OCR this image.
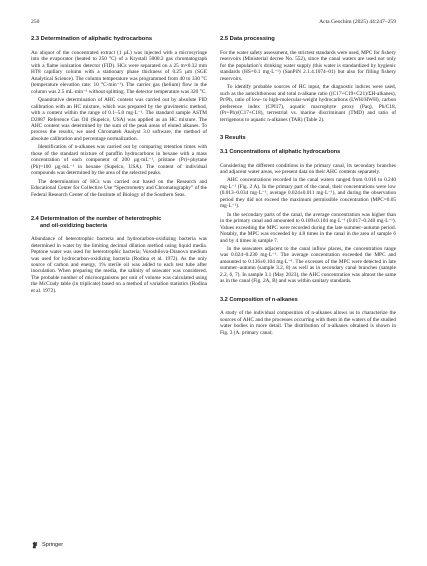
250	Acta Geochim (2025) 44:247–259
2.3 Determination of aliphatic hydrocarbons

An aliquot of the concentrated extract (1 µL) was injected with a microsyringe into the evaporator (heated to 250 °C) of a Krystall 5000.2 gas chromatograph with a flame ionization detector (FID). HCs were separated on a 25 m×0.32 mm HT8 capillary column with a stationary phase thickness of 0.25 µm (SGE Analytical Science). The column temperature was programmed from 40 to 330 °C (temperature elevation rate: 10 °C·min⁻¹). The carrier gas (helium) flow in the column was 2.5 mL·min⁻¹ without splitting. The detector temperature was 320 °C.

Quantitative determination of AHC content was carried out by absolute FID calibration with an HC mixture, which was prepared by the gravimetric method, with a content within the range of 0.1–5.0 mg·L⁻¹. The standard sample ASTM D2887 Reference Gas Oil (Supelco, USA) was applied as an HC mixture. The AHC content was determined by the sum of the peak areas of eluted alkanes. To process the results, we used Chromatek Analyst 3.0 software, the method of absolute calibration and percentage normalization.

Identification of n-alkanes was carried out by comparing retention times with those of the standard mixture of paraffin hydrocarbons in hexane with a mass concentration of each component of 200 µg·mL⁻¹, pristane (Pr)+phytane (Ph)=100 µg·mL⁻¹ in hexane (Supelco, USA). The content of individual compounds was determined by the area of the selected peaks.

The determination of HCs was carried out based on the Research and Educational Center for Collective Use “Spectrometry and Chromatography” of the Federal Research Center of the Institute of Biology of the Southern Seas.

2.4 Determination of the number of heterotrophic
and oil‑oxidizing bacteria

Abundance of heterotrophic bacteria and hydrocarbon-oxidizing bacteria was determined in water by the limiting decimal dilution method using liquid media. Peptone water was used for heterotrophic bacteria; Voroshilova-Dianova medium was used for hydrocarbon-oxidizing bacteria (Rodina et al. 1972). As the only source of carbon and energy, 1% sterile oil was added to each test tube after inoculation. When preparing the media, the salinity of seawater was considered. The probable number of microorganisms per unit of volume was calculated using the McCrady table (in triplicate) based on a method of variation statistics (Rodina et al. 1972).

2.5 Data processing

For the water safety assessment, the strictest standards were used, MPC for fishery reservoirs (Ministerial decree No. 552), since the canal waters are used not only for the population’s drinking water supply (this water is standardized by hygienic standards (HS=0.1 mg·L⁻¹) (SanPiN 2.1.4.1074–01) but also for filling fishery reservoirs.

To identify probable sources of HC input, the diagnostic indices were used, such as the autochthonous and total n-alkane ratio ((C17+C19+C21)/ΣH-alkanes), Pr/Ph, ratio of low- to high-molecular-weight hydrocarbons (LWH/HWH), carbon preference index (CPI17), aquatic macrophyte proxy (Paq), Ph/C18, (Pr+Ph)/(C17+C18), terrestrial vs. marine discriminant (TMD) and ratio of terrigenous to aquatic n-alkanes (TAR) (Table 2).

3 Results
3.1 Concentrations of aliphatic hydrocarbons

Considering the different conditions in the primary canal, its secondary branches and adjacent water areas, we present data on their AHC contents separately.

AHC concentrations recorded in the canal waters ranged from 0.016 to 0.240 mg·L⁻¹ (Fig. 2 A). In the primary part of the canal, their concentrations were low (0.013–0.034 mg·L⁻¹, average 0.024±0.011 mg·L⁻¹), and during the observation period they did not exceed the maximum permissible concentration (MPC=0.05 mg·L⁻¹).

In the secondary parts of the canal, the average concentration was higher than in the primary canal and amounted to 0.109±0.104 mg·L⁻¹ (0.017–0.240 mg·L⁻¹). Values exceeding the MPC were recorded during the late summer–autumn period. Notably, the MPC was exceeded by 4.8 times in the canal in the area of sample 6 and by 4 times in sample 7.

In the seawaters adjacent to the canal inflow places, the concentration range was 0.024–0.230 mg·L⁻¹. The average concentration exceeded the MPC and amounted to 0.136±0.104 mg·L⁻¹. The excesses of the MPC were detected in late summer–autumn (sample 3.2, 8) as well as in secondary canal branches (sample 2.2, 6, 7). In sample 3.1 (May 2023), the AHC concentration was almost the same as in the canal (Fig. 2A, B) and was within sanitary standards.

3.2 Composition of n‑alkanes

A study of the individual composition of n-alkanes allows us to characterize the sources of AHC and the processes occurring with them in the waters of the studied water bodies in more detail. The distribution of n-alkanes obtained is shown in Fig. 3 (A. primary canal;

Springer
